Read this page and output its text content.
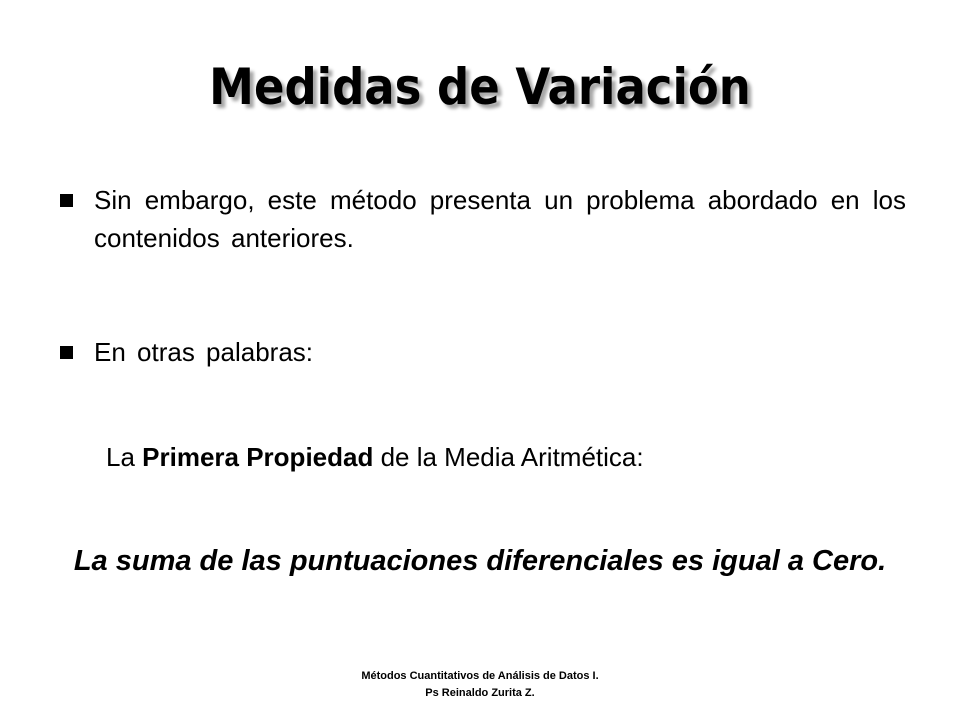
Medidas de Variación
Sin embargo, este método presenta un problema abordado en los contenidos anteriores.
En otras palabras:
La Primera Propiedad de la Media Aritmética:
La suma de las puntuaciones diferenciales es igual a Cero.
Métodos Cuantitativos de Análisis de Datos I.
Ps Reinaldo Zurita Z.
